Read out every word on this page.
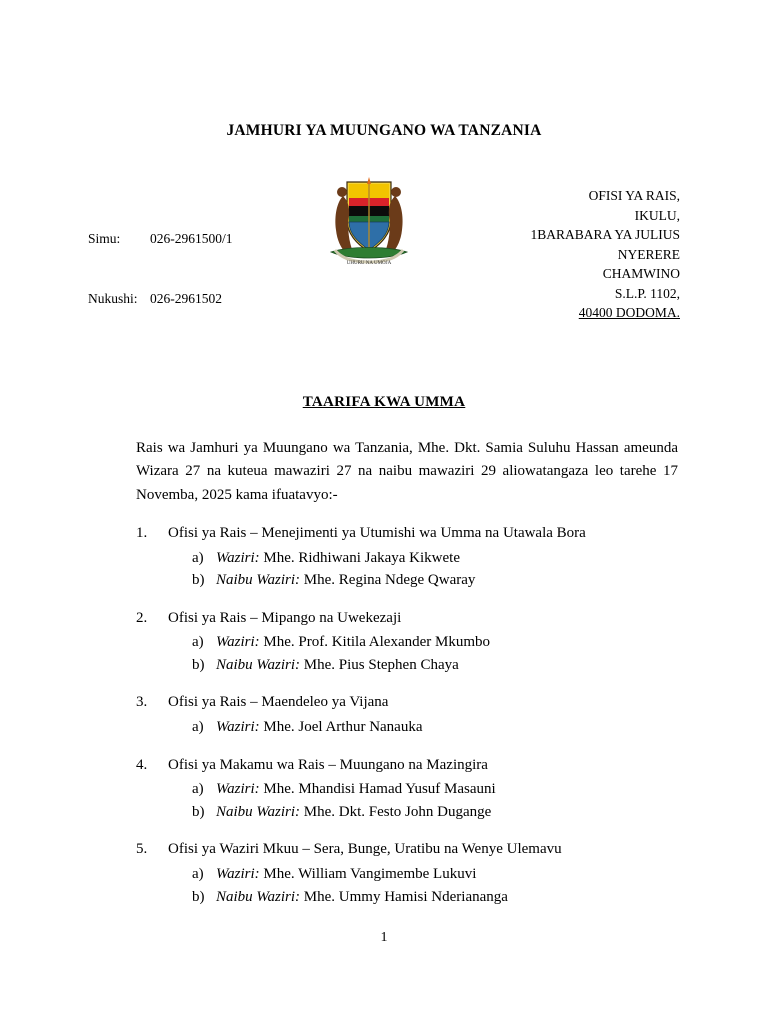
JAMHURI YA MUUNGANO WA TANZANIA

Simu: 026-2961500/1

Nukushi: 026-2961502

UHURU NA UMOJA
OFISI YA RAIS,
IKULU,
1BARABARA YA JULIUS
NYERERE
CHAMWINO
S.L.P. 1102,
40400 DODOMA.
TAARIFA KWA UMMA
Rais wa Jamhuri ya Muungano wa Tanzania, Mhe. Dkt. Samia Suluhu Hassan ameunda Wizara 27 na kuteua mawaziri 27 na naibu mawaziri 29 aliowatangaza leo tarehe 17 Novemba, 2025 kama ifuatavyo:-
1.	Ofisi ya Rais – Menejimenti ya Utumishi wa Umma na Utawala Bora
a) Waziri: Mhe. Ridhiwani Jakaya Kikwete
b) Naibu Waziri: Mhe. Regina Ndege Qwaray
2.	Ofisi ya Rais – Mipango na Uwekezaji
a) Waziri: Mhe. Prof. Kitila Alexander Mkumbo
b) Naibu Waziri: Mhe. Pius Stephen Chaya
3.	Ofisi ya Rais – Maendeleo ya Vijana
a) Waziri: Mhe. Joel Arthur Nanauka
4.	Ofisi ya Makamu wa Rais – Muungano na Mazingira
a) Waziri: Mhe. Mhandisi Hamad Yusuf Masauni
b) Naibu Waziri: Mhe. Dkt. Festo John Dugange
5.	Ofisi ya Waziri Mkuu – Sera, Bunge, Uratibu na Wenye Ulemavu
a) Waziri: Mhe. William Vangimembe Lukuvi
b) Naibu Waziri: Mhe. Ummy Hamisi Nderiananga
1
